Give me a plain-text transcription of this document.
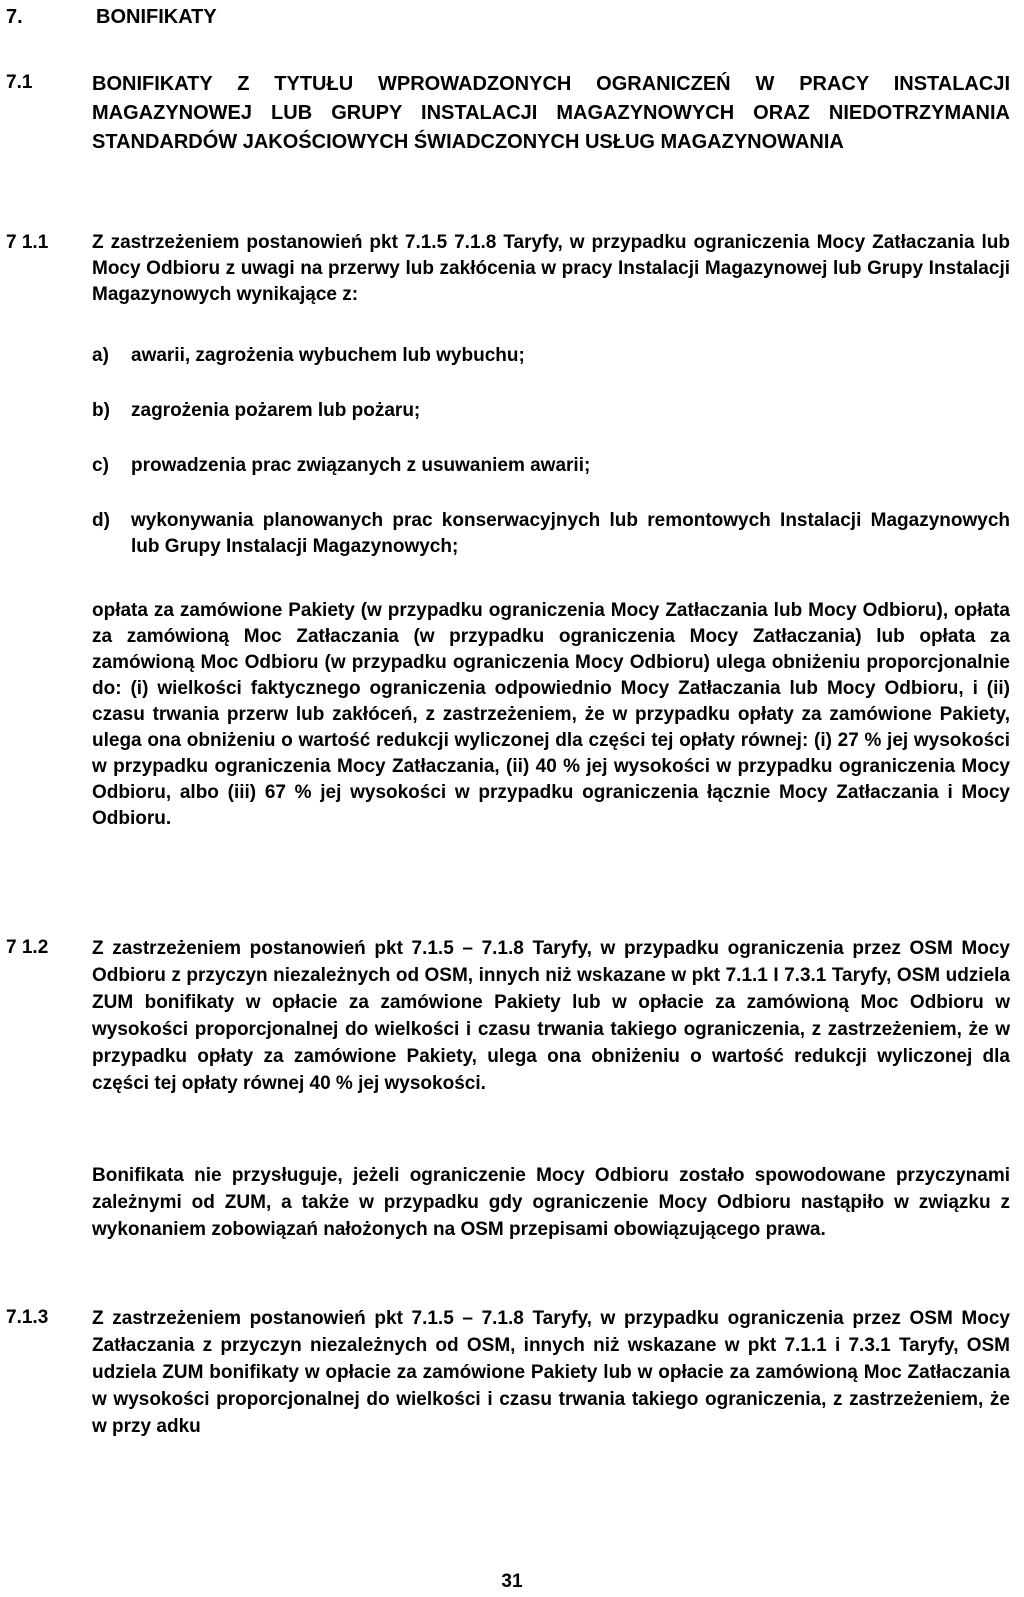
7.	BONIFIKATY
7.1	BONIFIKATY Z TYTUŁU WPROWADZONYCH OGRANICZEŃ W PRACY INSTALACJI MAGAZYNOWEJ LUB GRUPY INSTALACJI MAGAZYNOWYCH ORAZ NIEDOTRZYMANIA STANDARDÓW JAKOŚCIOWYCH ŚWIADCZONYCH USŁUG MAGAZYNOWANIA
7 1.1	Z zastrzeżeniem postanowień pkt 7.1.5 7.1.8 Taryfy, w przypadku ograniczenia Mocy Zatłaczania lub Mocy Odbioru z uwagi na przerwy lub zakłócenia w pracy Instalacji Magazynowej lub Grupy Instalacji Magazynowych wynikające z:
a)	awarii, zagrożenia wybuchem lub wybuchu;
b)	zagrożenia pożarem lub pożaru;
c)	prowadzenia prac związanych z usuwaniem awarii;
d)	wykonywania planowanych prac konserwacyjnych lub remontowych Instalacji Magazynowych lub Grupy Instalacji Magazynowych;
opłata za zamówione Pakiety (w przypadku ograniczenia Mocy Zatłaczania lub Mocy Odbioru), opłata za zamówioną Moc Zatłaczania (w przypadku ograniczenia Mocy Zatłaczania) lub opłata za zamówioną Moc Odbioru (w przypadku ograniczenia Mocy Odbioru) ulega obniżeniu proporcjonalnie do: (i) wielkości faktycznego ograniczenia odpowiednio Mocy Zatłaczania lub Mocy Odbioru, i (ii) czasu trwania przerw lub zakłóceń, z zastrzeżeniem, że w przypadku opłaty za zamówione Pakiety, ulega ona obniżeniu o wartość redukcji wyliczonej dla części tej opłaty równej: (i) 27 % jej wysokości w przypadku ograniczenia Mocy Zatłaczania, (ii) 40 % jej wysokości w przypadku ograniczenia Mocy Odbioru, albo (iii) 67 % jej wysokości w przypadku ograniczenia łącznie Mocy Zatłaczania i Mocy Odbioru.
7 1.2	Z zastrzeżeniem postanowień pkt 7.1.5 – 7.1.8 Taryfy, w przypadku ograniczenia przez OSM Mocy Odbioru z przyczyn niezależnych od OSM, innych niż wskazane w pkt 7.1.1 I 7.3.1 Taryfy, OSM udziela ZUM bonifikaty w opłacie za zamówione Pakiety lub w opłacie za zamówioną Moc Odbioru w wysokości proporcjonalnej do wielkości i czasu trwania takiego ograniczenia, z zastrzeżeniem, że w przypadku opłaty za zamówione Pakiety, ulega ona obniżeniu o wartość redukcji wyliczonej dla części tej opłaty równej 40 % jej wysokości.
Bonifikata nie przysługuje, jeżeli ograniczenie Mocy Odbioru zostało spowodowane przyczynami zależnymi od ZUM, a także w przypadku gdy ograniczenie Mocy Odbioru nastąpiło w związku z wykonaniem zobowiązań nałożonych na OSM przepisami obowiązującego prawa.
7.1.3	Z zastrzeżeniem postanowień pkt 7.1.5 – 7.1.8 Taryfy, w przypadku ograniczenia przez OSM Mocy Zatłaczania z przyczyn niezależnych od OSM, innych niż wskazane w pkt 7.1.1 i 7.3.1 Taryfy, OSM udziela ZUM bonifikaty w opłacie za zamówione Pakiety lub w opłacie za zamówioną Moc Zatłaczania w wysokości proporcjonalnej do wielkości i czasu trwania takiego ograniczenia, z zastrzeżeniem, że w przy adku
31
